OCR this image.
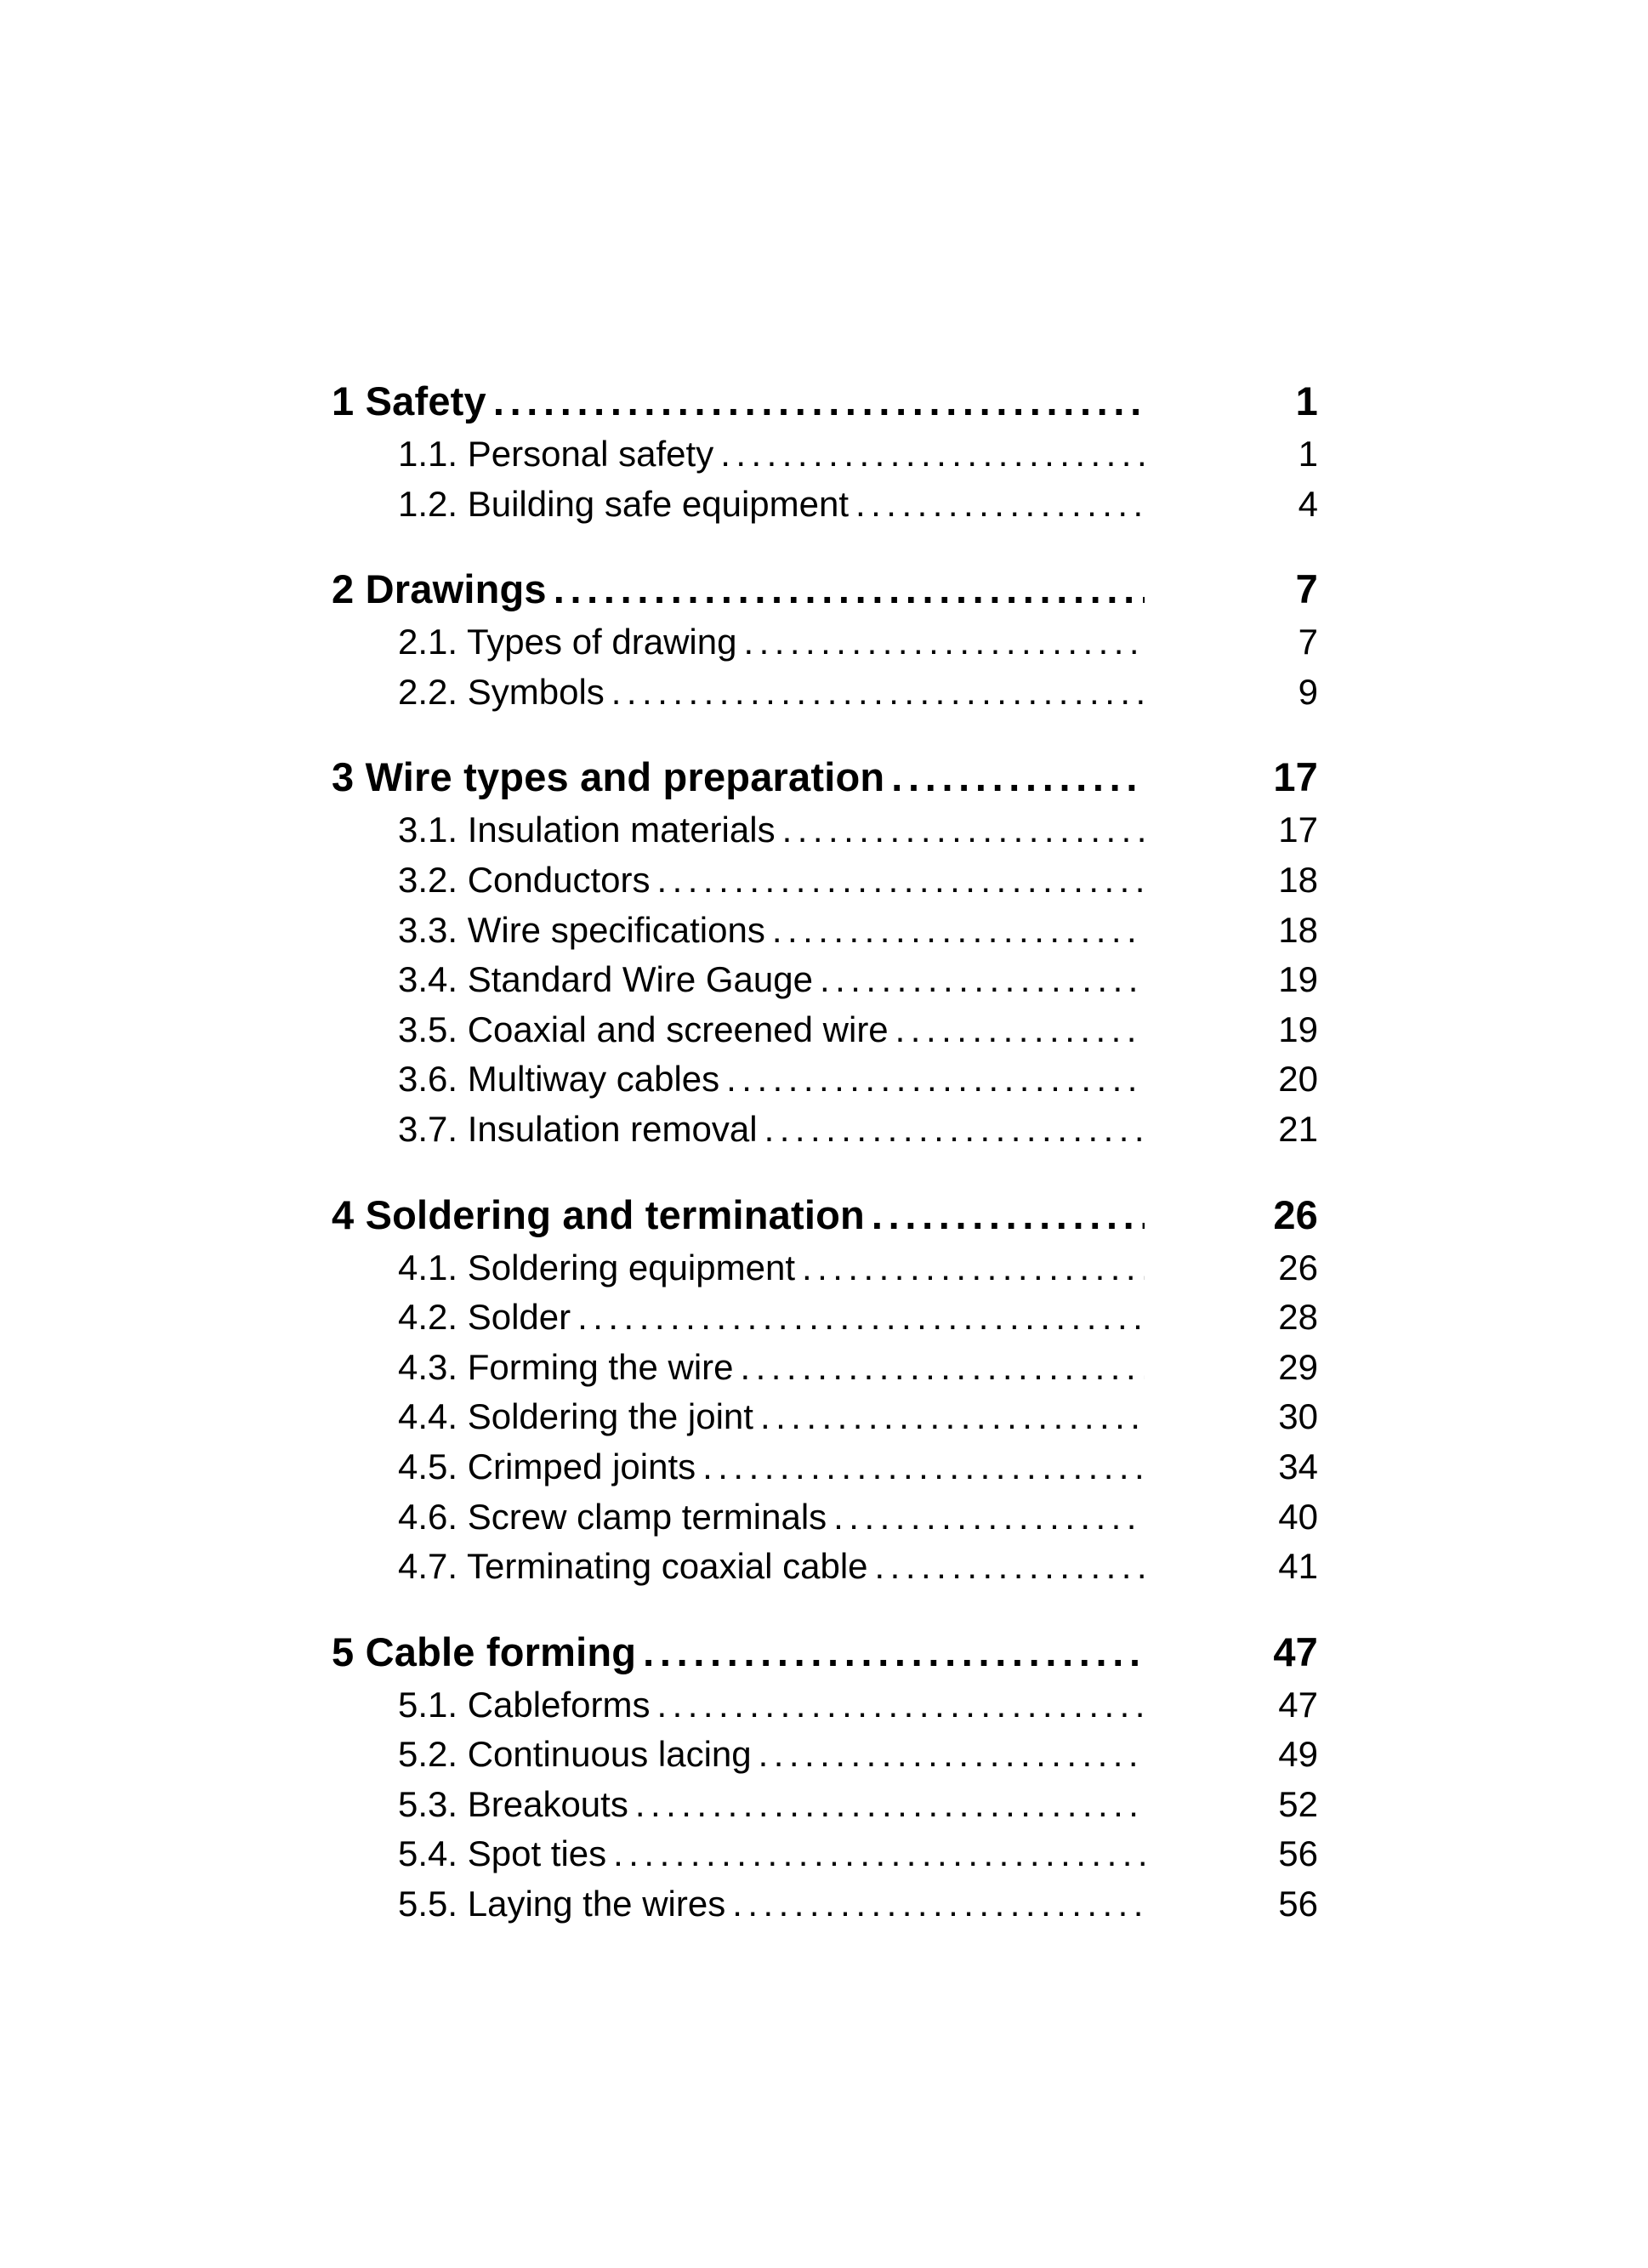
1 Safety . . .	1
1.1. Personal safety . . .	1
1.2. Building safe equipment . . .	4
2 Drawings . . .	7
2.1. Types of drawing . . .	7
2.2. Symbols . . .	9
3 Wire types and preparation . . .	17
3.1. Insulation materials . . .	17
3.2. Conductors . . .	18
3.3. Wire specifications . . .	18
3.4. Standard Wire Gauge . . .	19
3.5. Coaxial and screened wire . . .	19
3.6. Multiway cables . . .	20
3.7. Insulation removal . . .	21
4 Soldering and termination . . .	26
4.1. Soldering equipment . . .	26
4.2. Solder . . .	28
4.3. Forming the wire . . .	29
4.4. Soldering the joint . . .	30
4.5. Crimped joints . . .	34
4.6. Screw clamp terminals . . .	40
4.7. Terminating coaxial cable . . .	41
5 Cable forming . . .	47
5.1. Cableforms . . .	47
5.2. Continuous lacing . . .	49
5.3. Breakouts . . .	52
5.4. Spot ties . . .	56
5.5. Laying the wires . . .	56
